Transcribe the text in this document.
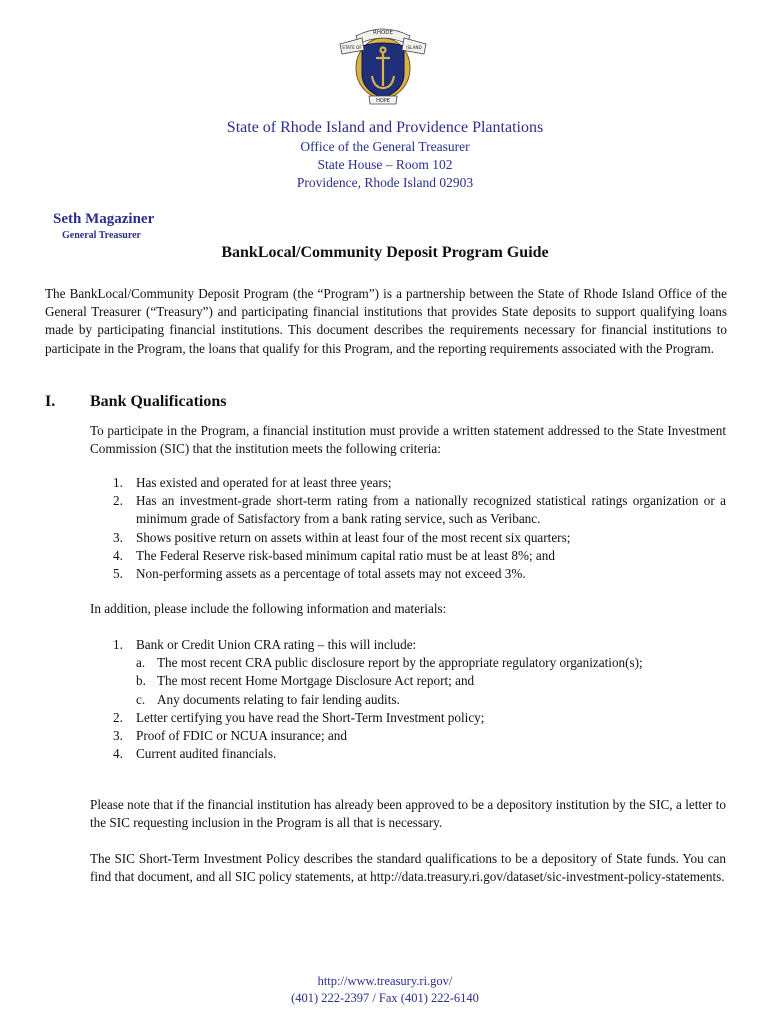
RHODE
STATE OF	ISLAND
HOPE
State of Rhode Island and Providence Plantations
Office of the General Treasurer
State House – Room 102
Providence, Rhode Island 02903
Seth Magaziner
General Treasurer
BankLocal/Community Deposit Program Guide

The BankLocal/Community Deposit Program (the “Program”) is a partnership between the State of Rhode Island Office of the General Treasurer (“Treasury”) and participating financial institutions that provides State deposits to support qualifying loans made by participating financial institutions. This document describes the requirements necessary for financial institutions to participate in the Program, the loans that qualify for this Program, and the reporting requirements associated with the Program.

I. Bank Qualifications

To participate in the Program, a financial institution must provide a written statement addressed to the State Investment Commission (SIC) that the institution meets the following criteria:

1. Has existed and operated for at least three years;
2. Has an investment-grade short-term rating from a nationally recognized statistical ratings organization or a minimum grade of Satisfactory from a bank rating service, such as Veribanc.
3. Shows positive return on assets within at least four of the most recent six quarters;
4. The Federal Reserve risk-based minimum capital ratio must be at least 8%; and
5. Non-performing assets as a percentage of total assets may not exceed 3%.

In addition, please include the following information and materials:

1. Bank or Credit Union CRA rating – this will include:
a. The most recent CRA public disclosure report by the appropriate regulatory organization(s);
b. The most recent Home Mortgage Disclosure Act report; and
c. Any documents relating to fair lending audits.
2. Letter certifying you have read the Short-Term Investment policy;
3. Proof of FDIC or NCUA insurance; and
4. Current audited financials.

Please note that if the financial institution has already been approved to be a depository institution by the SIC, a letter to the SIC requesting inclusion in the Program is all that is necessary.

The SIC Short-Term Investment Policy describes the standard qualifications to be a depository of State funds. You can find that document, and all SIC policy statements, at http://data.treasury.ri.gov/dataset/sic-investment-policy-statements.

http://www.treasury.ri.gov/
(401) 222-2397 / Fax (401) 222-6140
